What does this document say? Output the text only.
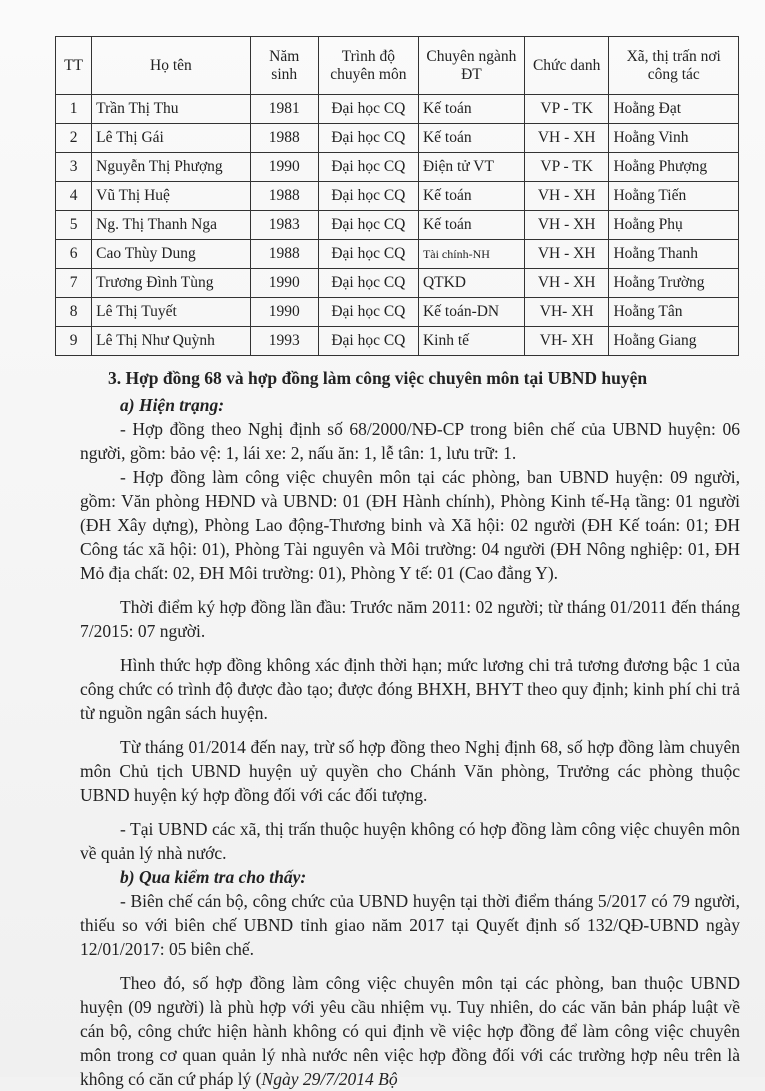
TT	Họ tên	Năm sinh	Trình độ chuyên môn	Chuyên ngành ĐT	Chức danh	Xã, thị trấn nơi công tác
1	Trần Thị Thu	1981	Đại học CQ	Kế toán	VP - TK	Hoằng Đạt
2	Lê Thị Gái	1988	Đại học CQ	Kế toán	VH - XH	Hoằng Vinh
3	Nguyễn Thị Phượng	1990	Đại học CQ	Điện tử VT	VP - TK	Hoằng Phượng
4	Vũ Thị Huệ	1988	Đại học CQ	Kế toán	VH - XH	Hoằng Tiến
5	Ng. Thị Thanh Nga	1983	Đại học CQ	Kế toán	VH - XH	Hoằng Phụ
6	Cao Thùy Dung	1988	Đại học CQ	Tài chính-NH	VH - XH	Hoằng Thanh
7	Trương Đình Tùng	1990	Đại học CQ	QTKD	VH - XH	Hoằng Trường
8	Lê Thị Tuyết	1990	Đại học CQ	Kế toán-DN	VH- XH	Hoằng Tân
9	Lê Thị Như Quỳnh	1993	Đại học CQ	Kinh tế	VH- XH	Hoằng Giang
3. Hợp đồng 68 và hợp đồng làm công việc chuyên môn tại UBND huyện
a) Hiện trạng:

- Hợp đồng theo Nghị định số 68/2000/NĐ-CP trong biên chế của UBND huyện: 06 người, gồm: bảo vệ: 1, lái xe: 2, nấu ăn: 1, lễ tân: 1, lưu trữ: 1.

- Hợp đồng làm công việc chuyên môn tại các phòng, ban UBND huyện: 09 người, gồm: Văn phòng HĐND và UBND: 01 (ĐH Hành chính), Phòng Kinh tế-Hạ tầng: 01 người (ĐH Xây dựng), Phòng Lao động-Thương binh và Xã hội: 02 người (ĐH Kế toán: 01; ĐH Công tác xã hội: 01), Phòng Tài nguyên và Môi trường: 04 người (ĐH Nông nghiệp: 01, ĐH Mỏ địa chất: 02, ĐH Môi trường: 01), Phòng Y tế: 01 (Cao đẳng Y).

Thời điểm ký hợp đồng lần đầu: Trước năm 2011: 02 người; từ tháng 01/2011 đến tháng 7/2015: 07 người.

Hình thức hợp đồng không xác định thời hạn; mức lương chi trả tương đương bậc 1 của công chức có trình độ được đào tạo; được đóng BHXH, BHYT theo quy định; kinh phí chi trả từ nguồn ngân sách huyện.

Từ tháng 01/2014 đến nay, trừ số hợp đồng theo Nghị định 68, số hợp đồng làm chuyên môn Chủ tịch UBND huyện uỷ quyền cho Chánh Văn phòng, Trưởng các phòng thuộc UBND huyện ký hợp đồng đối với các đối tượng.

- Tại UBND các xã, thị trấn thuộc huyện không có hợp đồng làm công việc chuyên môn về quản lý nhà nước.

b) Qua kiểm tra cho thấy:

- Biên chế cán bộ, công chức của UBND huyện tại thời điểm tháng 5/2017 có 79 người, thiếu so với biên chế UBND tỉnh giao năm 2017 tại Quyết định số 132/QĐ-UBND ngày 12/01/2017: 05 biên chế.

Theo đó, số hợp đồng làm công việc chuyên môn tại các phòng, ban thuộc UBND huyện (09 người) là phù hợp với yêu cầu nhiệm vụ. Tuy nhiên, do các văn bản pháp luật về cán bộ, công chức hiện hành không có qui định về việc hợp đồng để làm công việc chuyên môn trong cơ quan quản lý nhà nước nên việc hợp đồng đối với các trường hợp nêu trên là không có căn cứ pháp lý (Ngày 29/7/2014 Bộ
